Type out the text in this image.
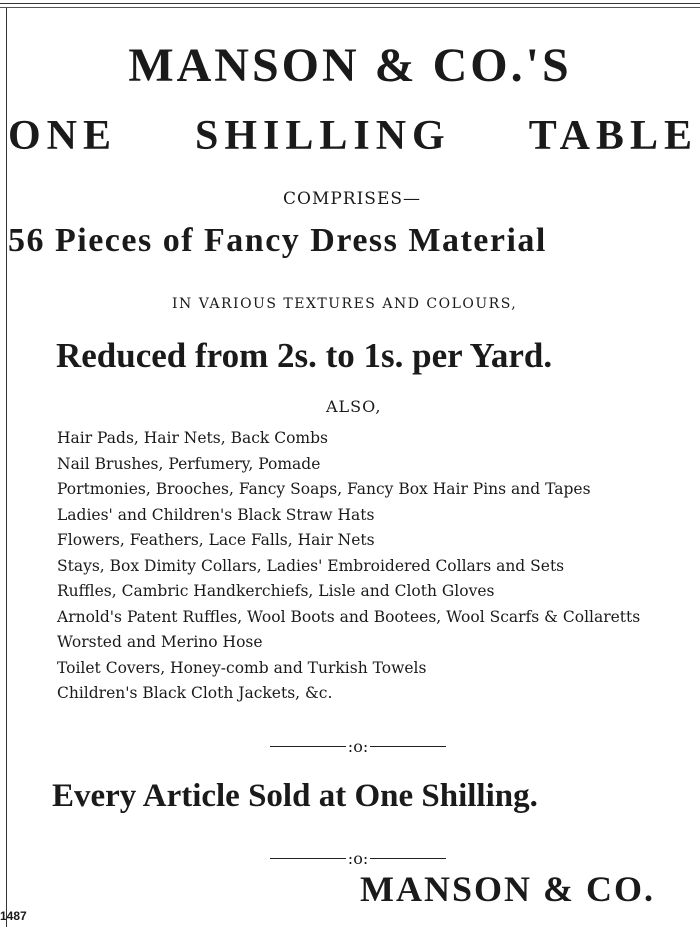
MANSON & CO.'S
ONE SHILLING TABLE
COMPRISES—
56 Pieces of Fancy Dress Material
IN VARIOUS TEXTURES AND COLOURS,
Reduced from 2s. to 1s. per Yard.
ALSO,
Hair Pads, Hair Nets, Back Combs
Nail Brushes, Perfumery, Pomade
Portmonies, Brooches, Fancy Soaps, Fancy Box Hair Pins and Tapes
Ladies' and Children's Black Straw Hats
Flowers, Feathers, Lace Falls, Hair Nets
Stays, Box Dimity Collars, Ladies' Embroidered Collars and Sets
Ruffles, Cambric Handkerchiefs, Lisle and Cloth Gloves
Arnold's Patent Ruffles, Wool Boots and Bootees, Wool Scarfs & Collaretts
Worsted and Merino Hose
Toilet Covers, Honey-comb and Turkish Towels
Children's Black Cloth Jackets, &c.
:o:
Every Article Sold at One Shilling.
:o:
1487
MANSON & CO.
